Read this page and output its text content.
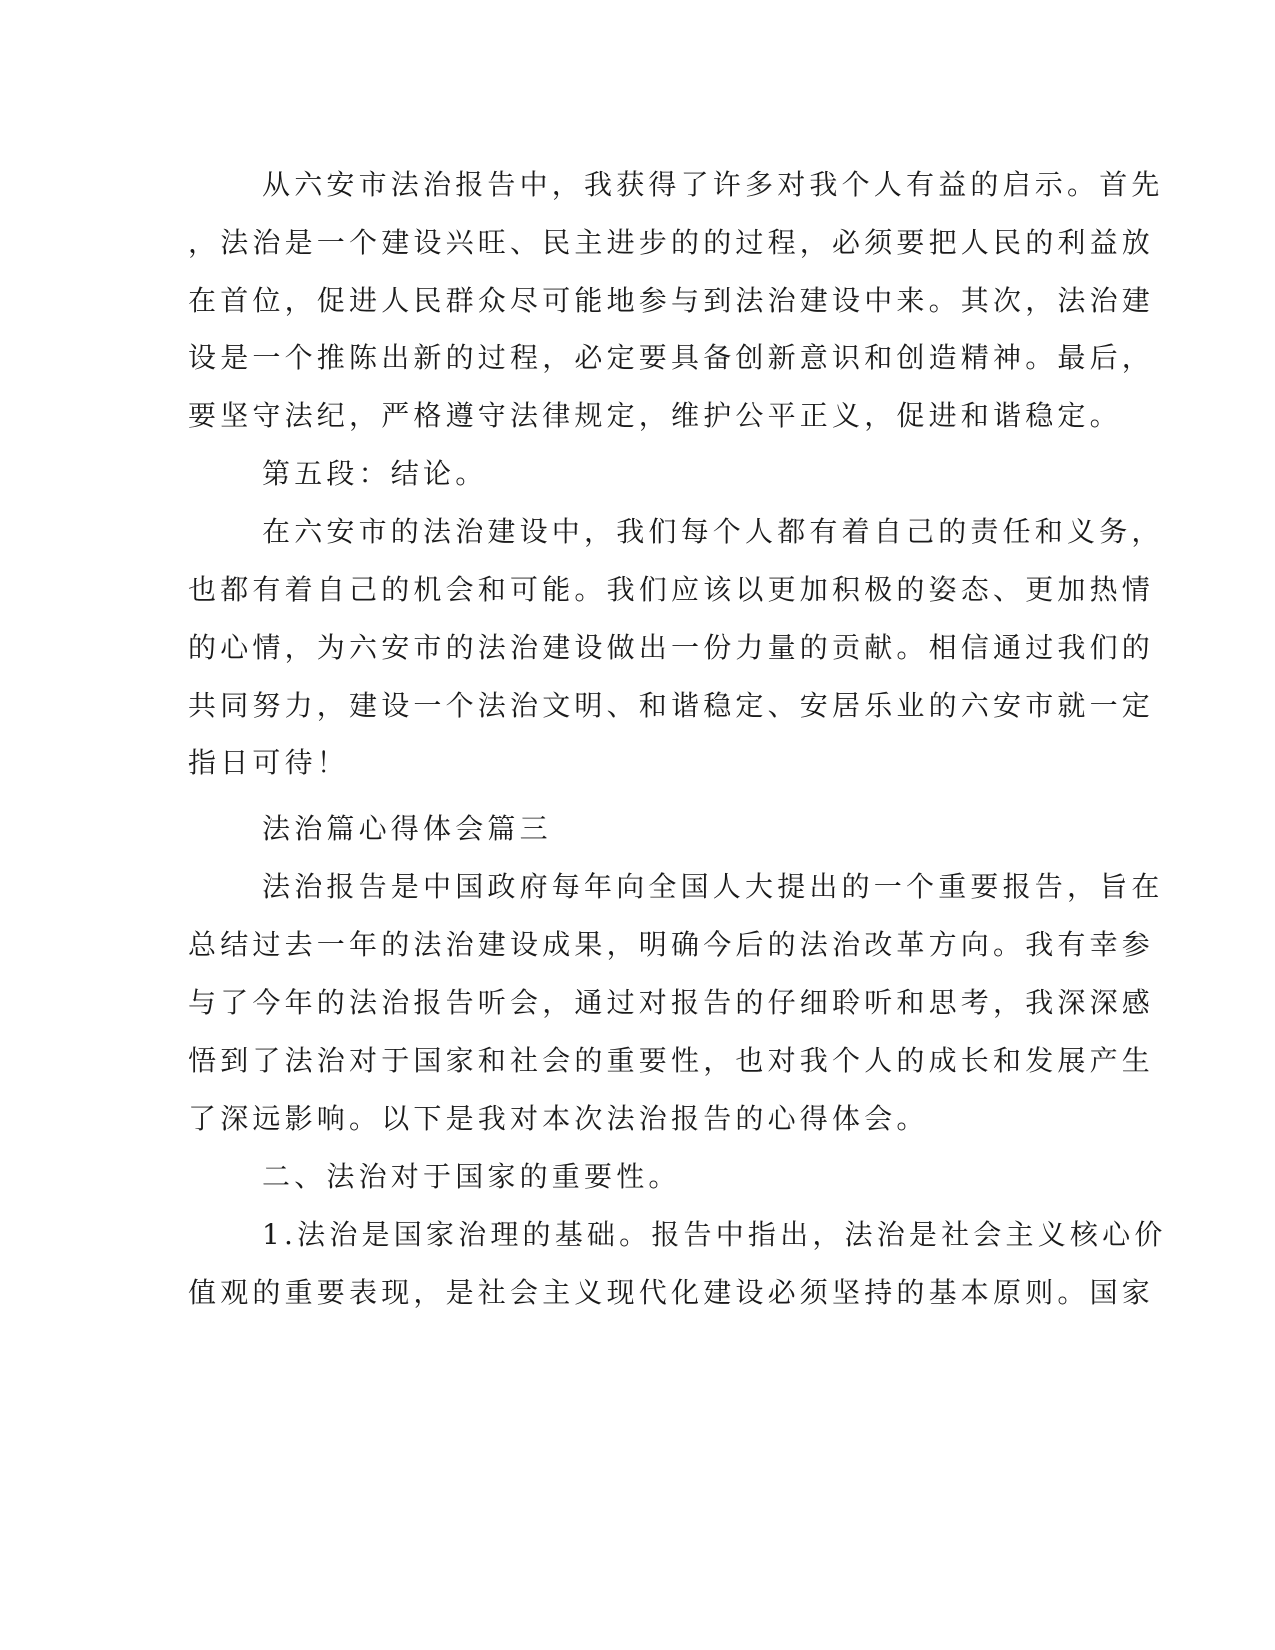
从六安市法治报告中，我获得了许多对我个人有益的启示。首先

，法治是一个建设兴旺、民主进步的的过程，必须要把人民的利益放

在首位，促进人民群众尽可能地参与到法治建设中来。其次，法治建

设是一个推陈出新的过程，必定要具备创新意识和创造精神。最后，

要坚守法纪，严格遵守法律规定，维护公平正义，促进和谐稳定。

第五段：结论。

在六安市的法治建设中，我们每个人都有着自己的责任和义务，

也都有着自己的机会和可能。我们应该以更加积极的姿态、更加热情

的心情，为六安市的法治建设做出一份力量的贡献。相信通过我们的

共同努力，建设一个法治文明、和谐稳定、安居乐业的六安市就一定

指日可待！

法治篇心得体会篇三

法治报告是中国政府每年向全国人大提出的一个重要报告，旨在

总结过去一年的法治建设成果，明确今后的法治改革方向。我有幸参

与了今年的法治报告听会，通过对报告的仔细聆听和思考，我深深感

悟到了法治对于国家和社会的重要性，也对我个人的成长和发展产生

了深远影响。以下是我对本次法治报告的心得体会。

二、法治对于国家的重要性。

1.法治是国家治理的基础。报告中指出，法治是社会主义核心价

值观的重要表现，是社会主义现代化建设必须坚持的基本原则。国家
